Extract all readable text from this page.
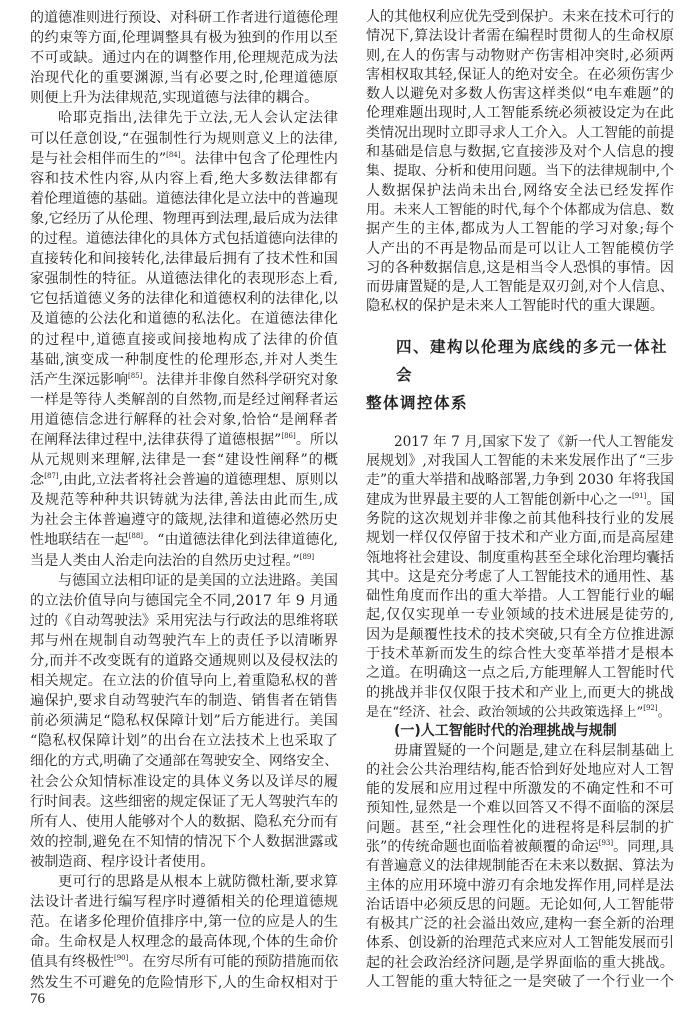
的道德准则进行预设、对科研工作者进行道德伦理
的约束等方面,伦理调整具有极为独到的作用以至
不可或缺。通过内在的调整作用,伦理规范成为法
治现代化的重要渊源,当有必要之时,伦理道德原
则便上升为法律规范,实现道德与法律的耦合。
哈耶克指出,法律先于立法,无人会认定法律
可以任意创设,“在强制性行为规则意义上的法律,
是与社会相伴而生的”[84]。法律中包含了伦理性内
容和技术性内容,从内容上看,绝大多数法律都有
着伦理道德的基础。道德法律化是立法中的普遍现
象,它经历了从伦理、物理再到法理,最后成为法律
的过程。道德法律化的具体方式包括道德向法律的
直接转化和间接转化,法律最后拥有了技术性和国
家强制性的特征。从道德法律化的表现形态上看,
它包括道德义务的法律化和道德权利的法律化,以
及道德的公法化和道德的私法化。在道德法律化
的过程中,道德直接或间接地构成了法律的价值
基础,演变成一种制度性的伦理形态,并对人类生
活产生深远影响[85]。法律并非像自然科学研究对象
一样是等待人类解剖的自然物,而是经过阐释者运
用道德信念进行解释的社会对象,恰恰“是阐释者
在阐释法律过程中,法律获得了道德根据”[86]。所以
从元规则来理解,法律是一套“建设性阐释”的概
念[87],由此,立法者将社会普遍的道德理想、原则以
及规范等种种共识铸就为法律,善法由此而生,成
为社会主体普遍遵守的箴规,法律和道德必然历史
性地联结在一起[88]。“由道德法律化到法律道德化,
当是人类由人治走向法治的自然历史过程。”[89]
与德国立法相印证的是美国的立法进路。美国
的立法价值导向与德国完全不同,2017 年 9 月通
过的《自动驾驶法》采用宪法与行政法的思维将联
邦与州在规制自动驾驶汽车上的责任予以清晰界
分,而并不改变既有的道路交通规则以及侵权法的
相关规定。在立法的价值导向上,着重隐私权的普
遍保护,要求自动驾驶汽车的制造、销售者在销售
前必须满足“隐私权保障计划”后方能进行。美国
“隐私权保障计划”的出台在立法技术上也采取了
细化的方式,明确了交通部在驾驶安全、网络安全、
社会公众知情标准设定的具体义务以及详尽的履
行时间表。这些细密的规定保证了无人驾驶汽车的
所有人、使用人能够对个人的数据、隐私充分而有
效的控制,避免在不知情的情况下个人数据泄露或
被制造商、程序设计者使用。
更可行的思路是从根本上就防微杜渐,要求算
法设计者进行编写程序时遵循相关的伦理道德规
范。在诸多伦理价值排序中,第一位的应是人的生
命。生命权是人权理念的最高体现,个体的生命价
值具有终极性[90]。在穷尽所有可能的预防措施而依
然发生不可避免的危险情形下,人的生命权相对于
人的其他权利应优先受到保护。未来在技术可行的
情况下,算法设计者需在编程时贯彻人的生命权原
则,在人的伤害与动物财产伤害相冲突时,必须两
害相权取其轻,保证人的绝对安全。在必须伤害少
数人以避免对多数人伤害这样类似“电车难题”的
伦理难题出现时,人工智能系统必须被设定为在此
类情况出现时立即寻求人工介入。人工智能的前提
和基础是信息与数据,它直接涉及对个人信息的搜
集、提取、分析和使用问题。当下的法律规制中,个
人数据保护法尚未出台,网络安全法已经发挥作
用。未来人工智能的时代,每个个体都成为信息、数
据产生的主体,都成为人工智能的学习对象;每个
人产出的不再是物品而是可以让人工智能模仿学
习的各种数据信息,这是相当令人恐惧的事情。因
而毋庸置疑的是,人工智能是双刃剑,对个人信息、
隐私权的保护是未来人工智能时代的重大课题。
四、建构以伦理为底线的多元一体社会
整体调控体系
2017 年 7 月,国家下发了《新一代人工智能发
展规划》,对我国人工智能的未来发展作出了“三步
走”的重大举措和战略部署,力争到 2030 年将我国
建成为世界最主要的人工智能创新中心之一[91]。国
务院的这次规划并非像之前其他科技行业的发展
规划一样仅仅停留于技术和产业方面,而是高屋建
瓴地将社会建设、制度重构甚至全球化治理均囊括
其中。这是充分考虑了人工智能技术的通用性、基
础性角度而作出的重大举措。人工智能行业的崛
起,仅仅实现单一专业领域的技术进展是徒劳的,
因为是颠覆性技术的技术突破,只有全方位推进源
于技术革新而发生的综合性大变革举措才是根本
之道。在明确这一点之后,方能理解人工智能时代
的挑战并非仅仅限于技术和产业上,而更大的挑战
是在“经济、社会、政治领域的公共政策选择上”[92]。
(一)人工智能时代的治理挑战与规制
毋庸置疑的一个问题是,建立在科层制基础上
的社会公共治理结构,能否恰到好处地应对人工智
能的发展和应用过程中所激发的不确定性和不可
预知性,显然是一个难以回答又不得不面临的深层
问题。甚至,“社会理性化的进程将是科层制的扩
张”的传统命题也面临着被颠覆的命运[93]。同理,具
有普遍意义的法律规制能否在未来以数据、算法为
主体的应用环境中游刃有余地发挥作用,同样是法
治话语中必须反思的问题。无论如何,人工智能带
有极其广泛的社会溢出效应,建构一套全新的治理
体系、创设新的治理范式来应对人工智能发展而引
起的社会政治经济问题,是学界面临的重大挑战。
人工智能的重大特征之一是突破了一个行业一个
76
